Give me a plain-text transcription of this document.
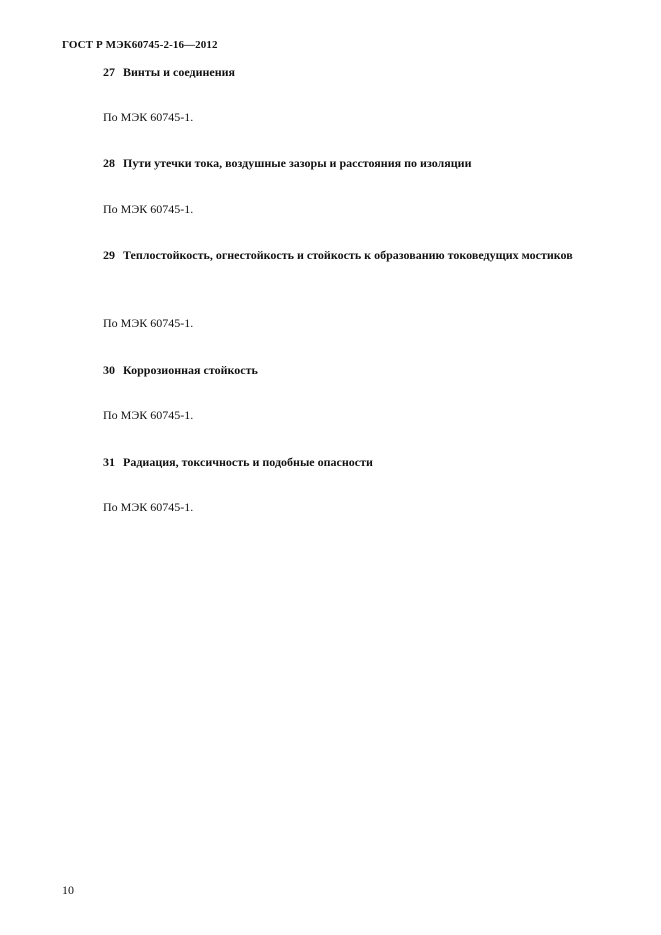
ГОСТ Р МЭК60745-2-16—2012
27 Винты и соединения
По МЭК 60745-1.
28 Пути утечки тока, воздушные зазоры и расстояния по изоляции
По МЭК 60745-1.
29 Теплостойкость, огнестойкость и стойкость к образованию токоведущих мостиков
По МЭК 60745-1.
30 Коррозионная стойкость
По МЭК 60745-1.
31 Радиация, токсичность и подобные опасности
По МЭК 60745-1.
10
